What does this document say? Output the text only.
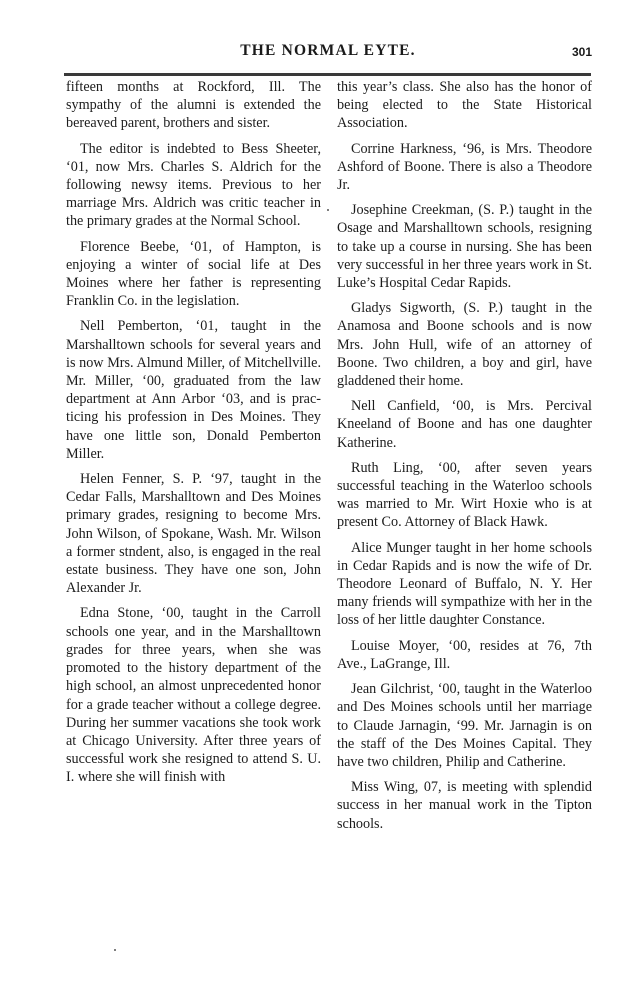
THE NORMAL EYTE.	301

fifteen months at Rockford, Ill. The sympathy of the alumni is extended the bereaved parent, brothers and sister.

The editor is indebted to Bess Sheeter, ‘01, now Mrs. Charles S. Aldrich for the following newsy items. Previous to her marriage Mrs. Aldrich was critic teacher in the primary grades at the Normal School.

Florence Beebe, ‘01, of Hampton, is enjoying a winter of social life at Des Moines where her father is representing Franklin Co. in the legislation.

Nell Pemberton, ‘01, taught in the Marshalltown schools for several years and is now Mrs. Almund Miller, of Mitchellville. Mr. Miller, ‘00, graduated from the law department at Ann Arbor ‘03, and is practicing his profession in Des Moines. They have one little son, Donald Pemberton Miller.

Helen Fenner, S. P. ‘97, taught in the Cedar Falls, Marshalltown and Des Moines primary grades, resigning to become Mrs. John Wilson, of Spokane, Wash. Mr. Wilson a former stndent, also, is engaged in the real estate business. They have one son, John Alexander Jr.

Edna Stone, ‘00, taught in the Carroll schools one year, and in the Marshalltown grades for three years, when she was promoted to the history department of the high school, an almost unprecedented honor for a grade teacher without a college degree. During her summer vacations she took work at Chicago University. After three years of successful work she resigned to attend S. U. I. where she will finish with

this year’s class. She also has the honor of being elected to the State Historical Association.

Corrine Harkness, ‘96, is Mrs. Theodore Ashford of Boone. There is also a Theodore Jr.

Josephine Creekman, (S. P.) taught in the Osage and Marshalltown schools, resigning to take up a course in nursing. She has been very successful in her three years work in St. Luke’s Hospital Cedar Rapids.

Gladys Sigworth, (S. P.) taught in the Anamosa and Boone schools and is now Mrs. John Hull, wife of an attorney of Boone. Two children, a boy and girl, have gladdened their home.

Nell Canfield, ‘00, is Mrs. Percival Kneeland of Boone and has one daughter Katherine.

Ruth Ling, ‘00, after seven years successful teaching in the Waterloo schools was married to Mr. Wirt Hoxie who is at present Co. Attorney of Black Hawk.

Alice Munger taught in her home schools in Cedar Rapids and is now the wife of Dr. Theodore Leonard of Buffalo, N. Y. Her many friends will sympathize with her in the loss of her little daughter Constance.

Louise Moyer, ‘00, resides at 76, 7th Ave., LaGrange, Ill.

Jean Gilchrist, ‘00, taught in the Waterloo and Des Moines schools until her marriage to Claude Jarnagin, ‘99. Mr. Jarnagin is on the staff of the Des Moines Capital. They have two children, Philip and Catherine.

Miss Wing, 07, is meeting with splendid success in her manual work in the Tipton schools.
